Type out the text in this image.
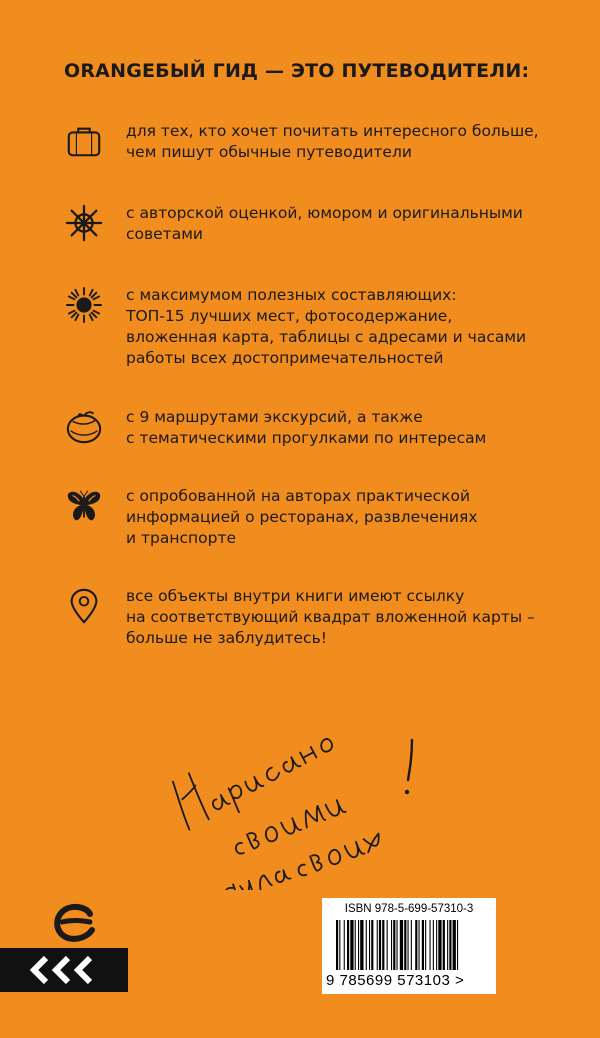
ORANGEБЫЙ ГИД — ЭТО ПУТЕВОДИТЕЛИ:
для тех, кто хочет почитать интересного больше,
чем пишут обычные путеводители
с авторской оценкой, юмором и оригинальными
советами
с максимумом полезных составляющих:
ТОП-15 лучших мест, фотосодержание,
вложенная карта, таблицы с адресами и часами
работы всех достопримечательностей
с 9 маршрутами экскурсий, а также
с тематическими прогулками по интересам
с опробованной на авторах практической
информацией о ресторанах, развлечениях
и транспорте
все объекты внутри книги имеют ссылку
на соответствующий квадрат вложенной карты –
больше не заблудитесь!
ISBN 978-5-699-57310-3
9 785699 573103 >
